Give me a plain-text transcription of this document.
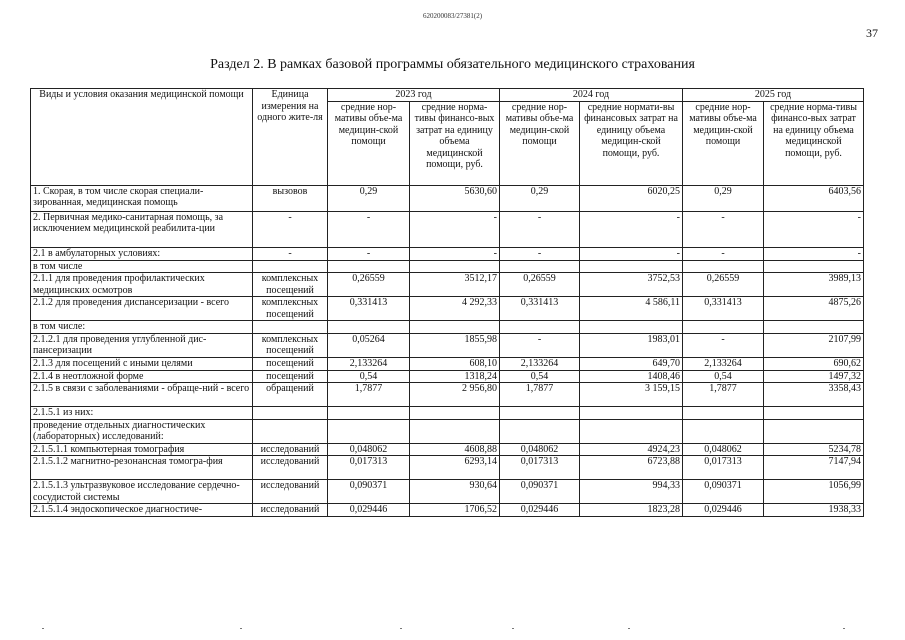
620200083/27381(2)
37
Раздел 2. В рамках базовой программы обязательного медицинского страхования
Виды и условия оказания медицинской помощи	Единица измерения на одного жите-ля	2023 год		2024 год		2025 год	
		средние нор-мативы объе-ма медицин-ской помощи	средние норма-тивы финансо-вых затрат на единицу объема медицинской помощи, руб.	средние нор-мативы объе-ма медицин-ской помощи	средние нормати-вы финансовых затрат на единицу объема медицин-ской помощи, руб.	средние нор-мативы объе-ма медицин-ской помощи	средние норма-тивы финансо-вых затрат на единицу объема медицинской помощи, руб.
1. Скорая, в том числе скорая специали-зированная, медицинская помощь	вызовов	0,29	5630,60	0,29	6020,25	0,29	6403,56
2. Первичная медико-санитарная помощь, за исключением медицинской реабилита-ции	-	-	-	-	-	-	-
2.1 в амбулаторных условиях:	-	-	-	-	-	-	-
в том числе							
2.1.1 для проведения профилактических медицинских осмотров	комплексных посещений	0,26559	3512,17	0,26559	3752,53	0,26559	3989,13
2.1.2 для проведения диспансеризации - всего	комплексных посещений	0,331413	4 292,33	0,331413	4 586,11	0,331413	4875,26
в том числе:							
2.1.2.1 для проведения углубленной дис-пансеризации	комплексных посещений	0,05264	1855,98	-	1983,01	-	2107,99
2.1.3 для посещений с иными целями	посещений	2,133264	608,10	2,133264	649,70	2,133264	690,62
2.1.4 в неотложной форме	посещений	0,54	1318,24	0,54	1408,46	0,54	1497,32
2.1.5 в связи с заболеваниями - обраще-ний - всего	обращений	1,7877	2 956,80	1,7877	3 159,15	1,7877	3358,43
2.1.5.1 из них:							
проведение отдельных диагностических (лабораторных) исследований:							
2.1.5.1.1 компьютерная томография	исследований	0,048062	4608,88	0,048062	4924,23	0,048062	5234,78
2.1.5.1.2 магнитно-резонансная томогра-фия	исследований	0,017313	6293,14	0,017313	6723,88	0,017313	7147,94
2.1.5.1.3 ультразвуковое исследование сердечно-сосудистой системы	исследований	0,090371	930,64	0,090371	994,33	0,090371	1056,99
2.1.5.1.4 эндоскопическое диагностиче-	исследований	0,029446	1706,52	0,029446	1823,28	0,029446	1938,33
